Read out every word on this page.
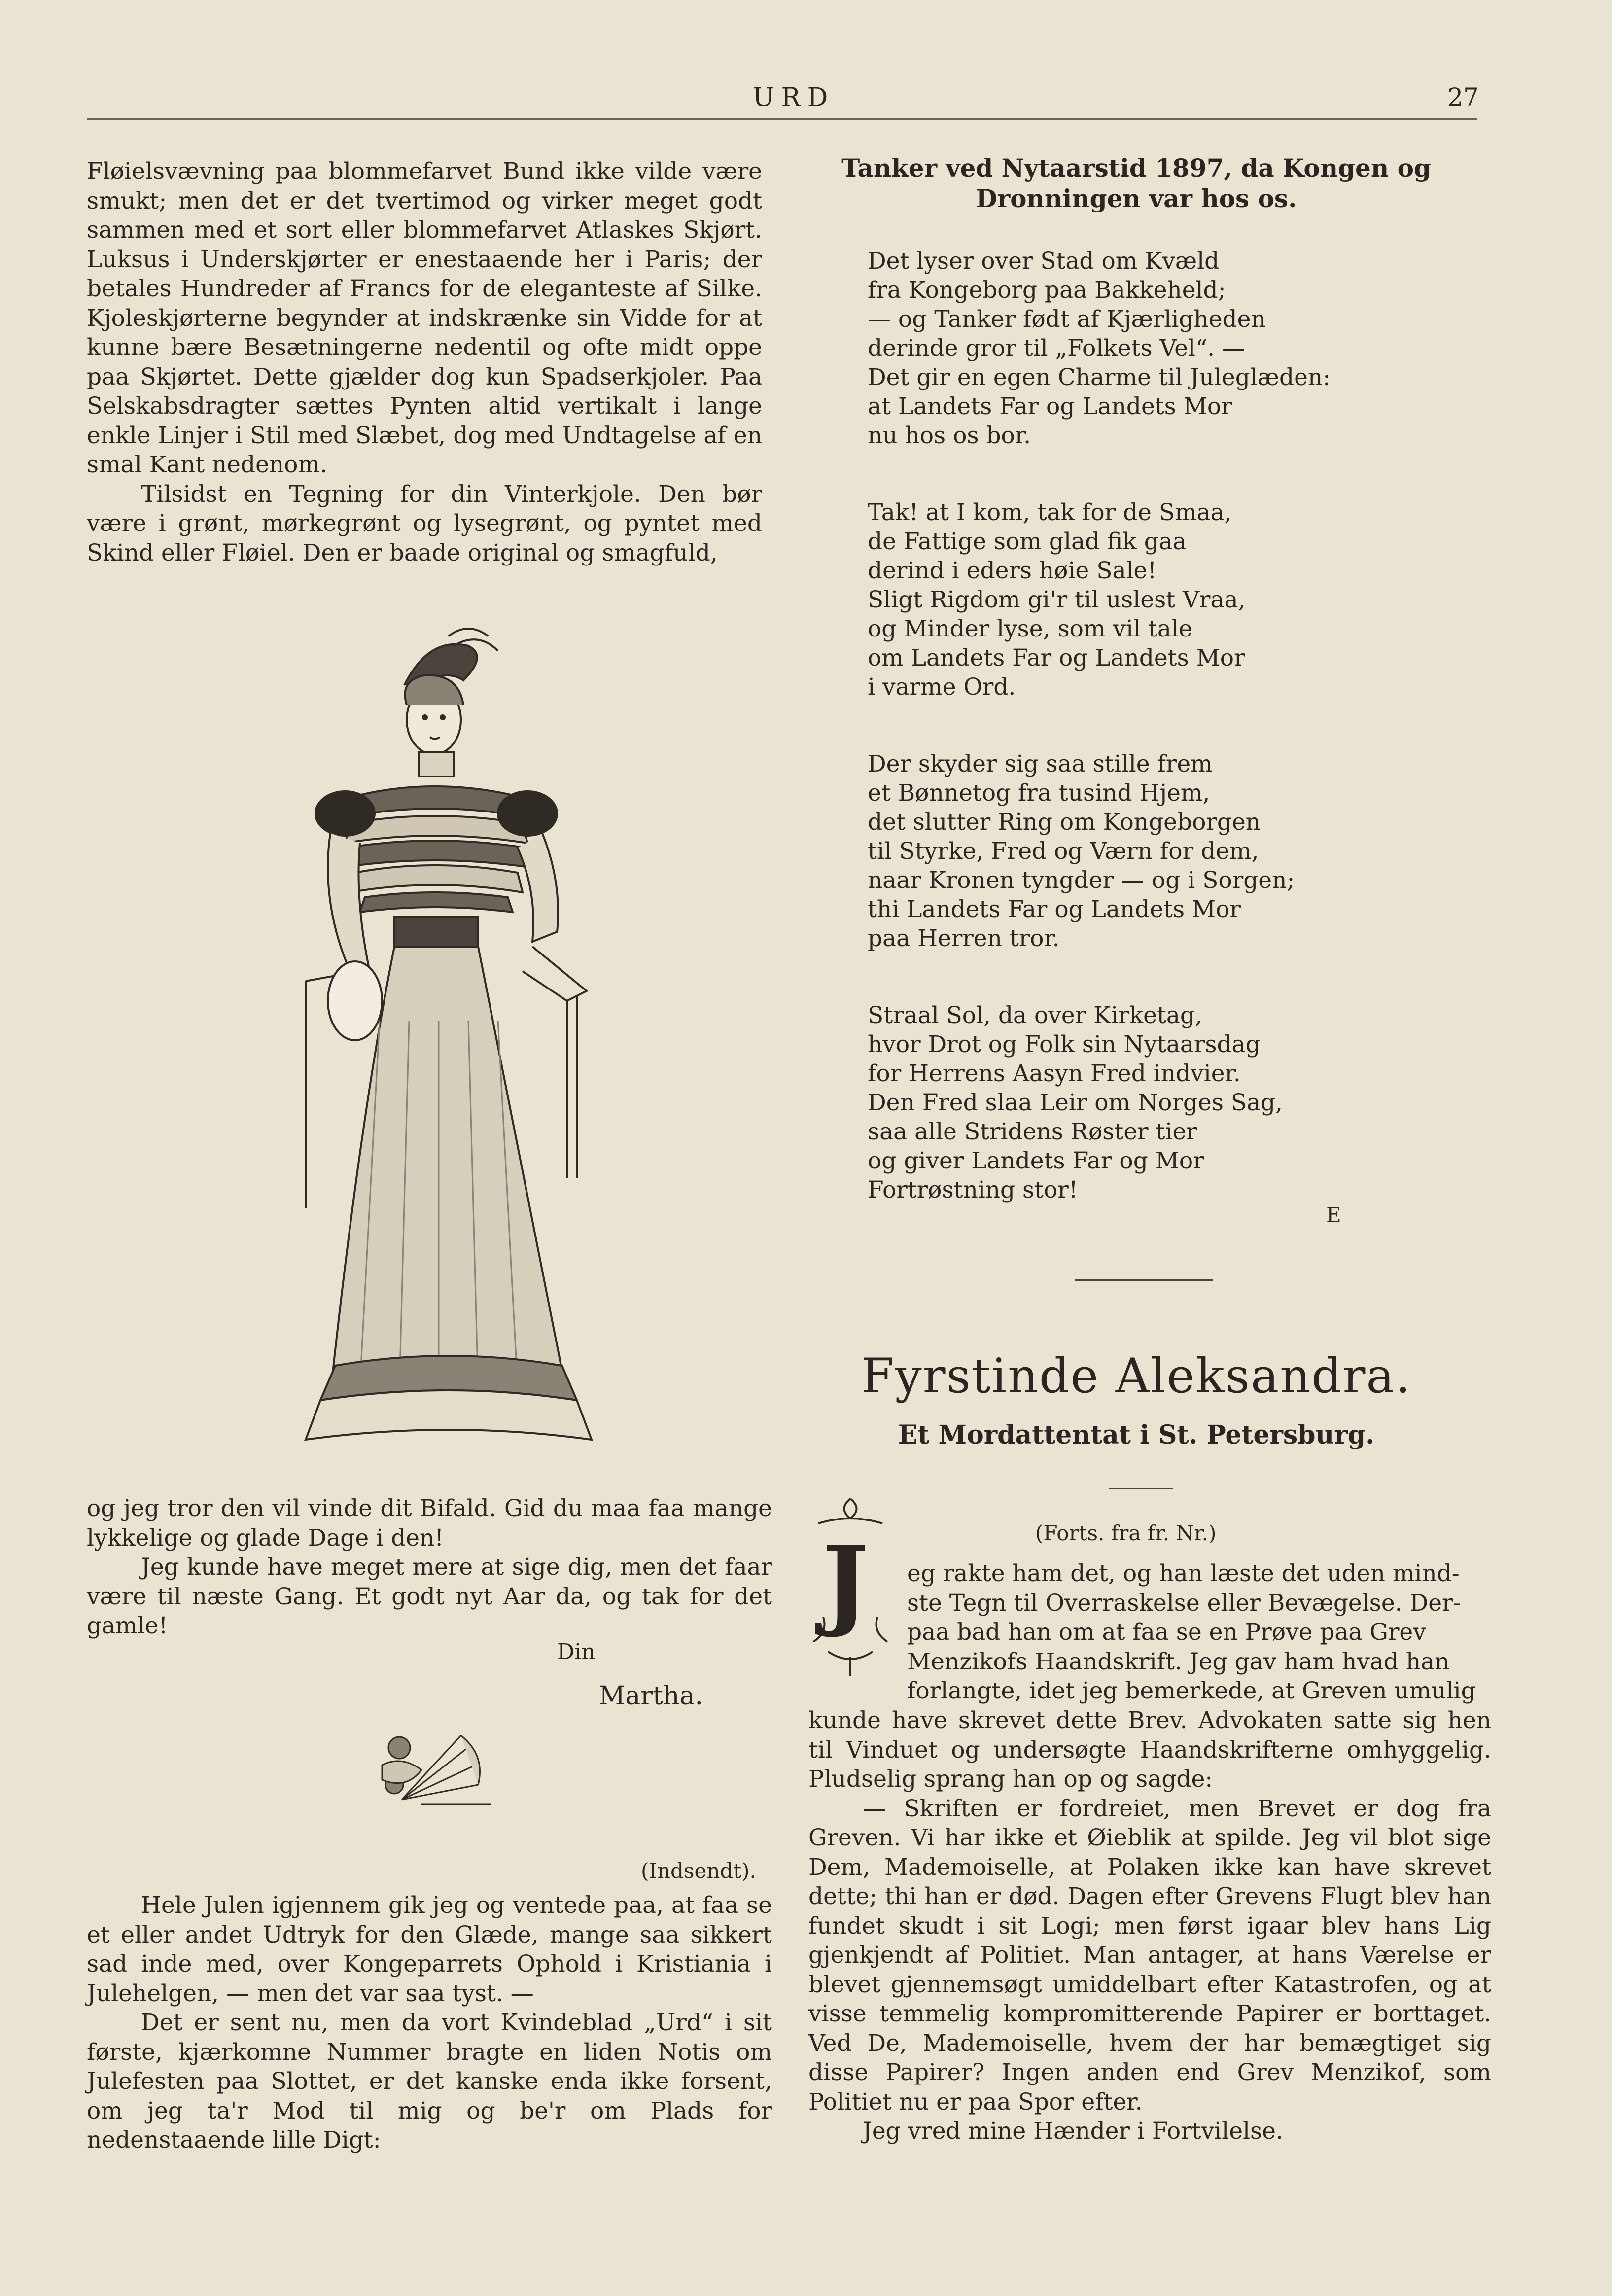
URD	27

Fløielsvævning paa blommefarvet Bund ikke vilde være smukt; men det er det tvertimod og virker meget godt sammen med et sort eller blommefarvet Atlaskes Skjørt. Luksus i Underskjørter er enestaaende her i Paris; der betales Hundreder af Francs for de eleganteste af Silke. Kjoleskjørterne begynder at indskrænke sin Vidde for at kunne bære Besætningerne nedentil og ofte midt oppe paa Skjørtet. Dette gjælder dog kun Spadserkjoler. Paa Selskabsdragter sættes Pynten altid vertikalt i lange enkle Linjer i Stil med Slæbet, dog med Undtagelse af en smal Kant nedenom.

Tilsidst en Tegning for din Vinterkjole. Den bør være i grønt, mørkegrønt og lysegrønt, og pyntet med Skind eller Fløiel. Den er baade original og smagfuld,

og jeg tror den vil vinde dit Bifald. Gid du maa faa mange lykkelige og glade Dage i den!

Jeg kunde have meget mere at sige dig, men det faar være til næste Gang. Et godt nyt Aar da, og tak for det gamle!

Din
Martha.
(Indsendt).

Hele Julen igjennem gik jeg og ventede paa, at faa se et eller andet Udtryk for den Glæde, mange saa sikkert sad inde med, over Kongeparrets Ophold i Kristiania i Julehelgen, — men det var saa tyst. —

Det er sent nu, men da vort Kvindeblad „Urd“ i sit første, kjærkomne Nummer bragte en liden Notis om Julefesten paa Slottet, er det kanske enda ikke forsent, om jeg ta'r Mod til mig og be'r om Plads for nedenstaaende lille Digt:

Tanker ved Nytaarstid 1897, da Kongen og Dronningen var hos os.
Det lyser over Stad om Kvæld
fra Kongeborg paa Bakkeheld;
— og Tanker født af Kjærligheden
derinde gror til „Folkets Vel“. —
Det gir en egen Charme til Juleglæden:
at Landets Far og Landets Mor
nu hos os bor.
Tak! at I kom, tak for de Smaa,
de Fattige som glad fik gaa
derind i eders høie Sale!
Sligt Rigdom gi'r til uslest Vraa,
og Minder lyse, som vil tale
om Landets Far og Landets Mor
i varme Ord.
Der skyder sig saa stille frem
et Bønnetog fra tusind Hjem,
det slutter Ring om Kongeborgen
til Styrke, Fred og Værn for dem,
naar Kronen tyngder — og i Sorgen;
thi Landets Far og Landets Mor
paa Herren tror.
Straal Sol, da over Kirketag,
hvor Drot og Folk sin Nytaarsdag
for Herrens Aasyn Fred indvier.
Den Fred slaa Leir om Norges Sag,
saa alle Stridens Røster tier
og giver Landets Far og Mor
Fortrøstning stor!
E
Fyrstinde Aleksandra.
Et Mordattentat i St. Petersburg.
(Forts. fra fr. Nr.)
J eg rakte ham det, og han læste det uden mind-

ste Tegn til Overraskelse eller Bevægelse. Der-

paa bad han om at faa se en Prøve paa Grev

Menzikofs Haandskrift. Jeg gav ham hvad han

forlangte, idet jeg bemerkede, at Greven umulig

kunde have skrevet dette Brev. Advokaten satte sig hen til Vinduet og undersøgte Haandskrifterne omhyggelig. Pludselig sprang han op og sagde:

— Skriften er fordreiet, men Brevet er dog fra Greven. Vi har ikke et Øieblik at spilde. Jeg vil blot sige Dem, Mademoiselle, at Polaken ikke kan have skrevet dette; thi han er død. Dagen efter Grevens Flugt blev han fundet skudt i sit Logi; men først igaar blev hans Lig gjenkjendt af Politiet. Man antager, at hans Værelse er blevet gjennemsøgt umiddelbart efter Katastrofen, og at visse temmelig kompromitterende Papirer er borttaget. Ved De, Mademoiselle, hvem der har bemægtiget sig disse Papirer? Ingen anden end Grev Menzikof, som Politiet nu er paa Spor efter.

Jeg vred mine Hænder i Fortvilelse.
